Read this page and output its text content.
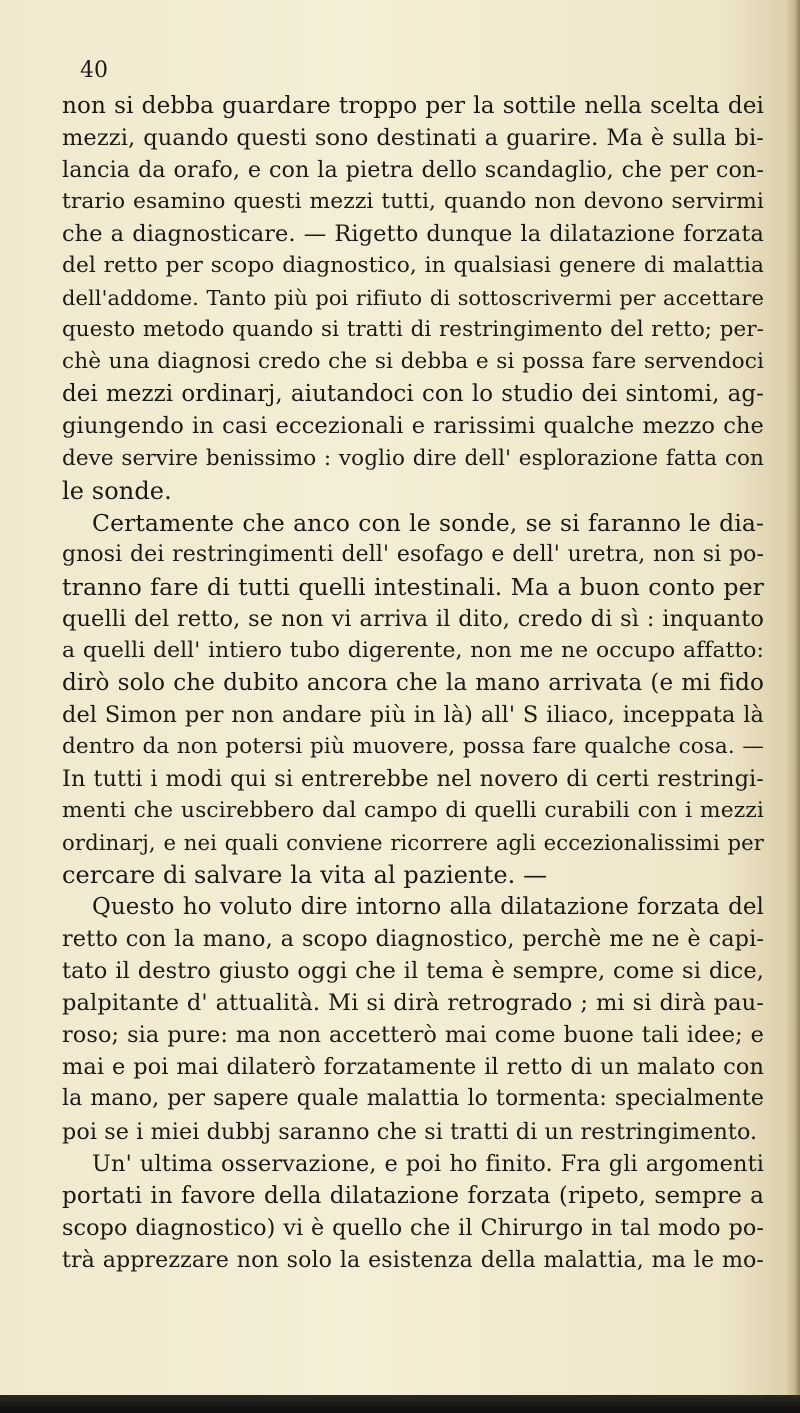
40
non si debba guardare troppo per la sottile nella scelta dei
mezzi, quando questi sono destinati a guarire. Ma è sulla bi-
lancia da orafo, e con la pietra dello scandaglio, che per con-
trario esamino questi mezzi tutti, quando non devono servirmi
che a diagnosticare. — Rigetto dunque la dilatazione forzata
del retto per scopo diagnostico, in qualsiasi genere di malattia
dell'addome. Tanto più poi rifiuto di sottoscrivermi per accettare
questo metodo quando si tratti di restringimento del retto; per-
chè una diagnosi credo che si debba e si possa fare servendoci
dei mezzi ordinarj, aiutandoci con lo studio dei sintomi, ag-
giungendo in casi eccezionali e rarissimi qualche mezzo che
deve servire benissimo : voglio dire dell' esplorazione fatta con
le sonde.
Certamente che anco con le sonde, se si faranno le dia-
gnosi dei restringimenti dell' esofago e dell' uretra, non si po-
tranno fare di tutti quelli intestinali. Ma a buon conto per
quelli del retto, se non vi arriva il dito, credo di sì : inquanto
a quelli dell' intiero tubo digerente, non me ne occupo affatto:
dirò solo che dubito ancora che la mano arrivata (e mi fido
del Simon per non andare più in là) all' S iliaco, inceppata là
dentro da non potersi più muovere, possa fare qualche cosa. —
In tutti i modi qui si entrerebbe nel novero di certi restringi-
menti che uscirebbero dal campo di quelli curabili con i mezzi
ordinarj, e nei quali conviene ricorrere agli eccezionalissimi per
cercare di salvare la vita al paziente. —
Questo ho voluto dire intorno alla dilatazione forzata del
retto con la mano, a scopo diagnostico, perchè me ne è capi-
tato il destro giusto oggi che il tema è sempre, come si dice,
palpitante d' attualità. Mi si dirà retrogrado ; mi si dirà pau-
roso; sia pure: ma non accetterò mai come buone tali idee; e
mai e poi mai dilaterò forzatamente il retto di un malato con
la mano, per sapere quale malattia lo tormenta: specialmente
poi se i miei dubbj saranno che si tratti di un restringimento.
Un' ultima osservazione, e poi ho finito. Fra gli argomenti
portati in favore della dilatazione forzata (ripeto, sempre a
scopo diagnostico) vi è quello che il Chirurgo in tal modo po-
trà apprezzare non solo la esistenza della malattia, ma le mo-
